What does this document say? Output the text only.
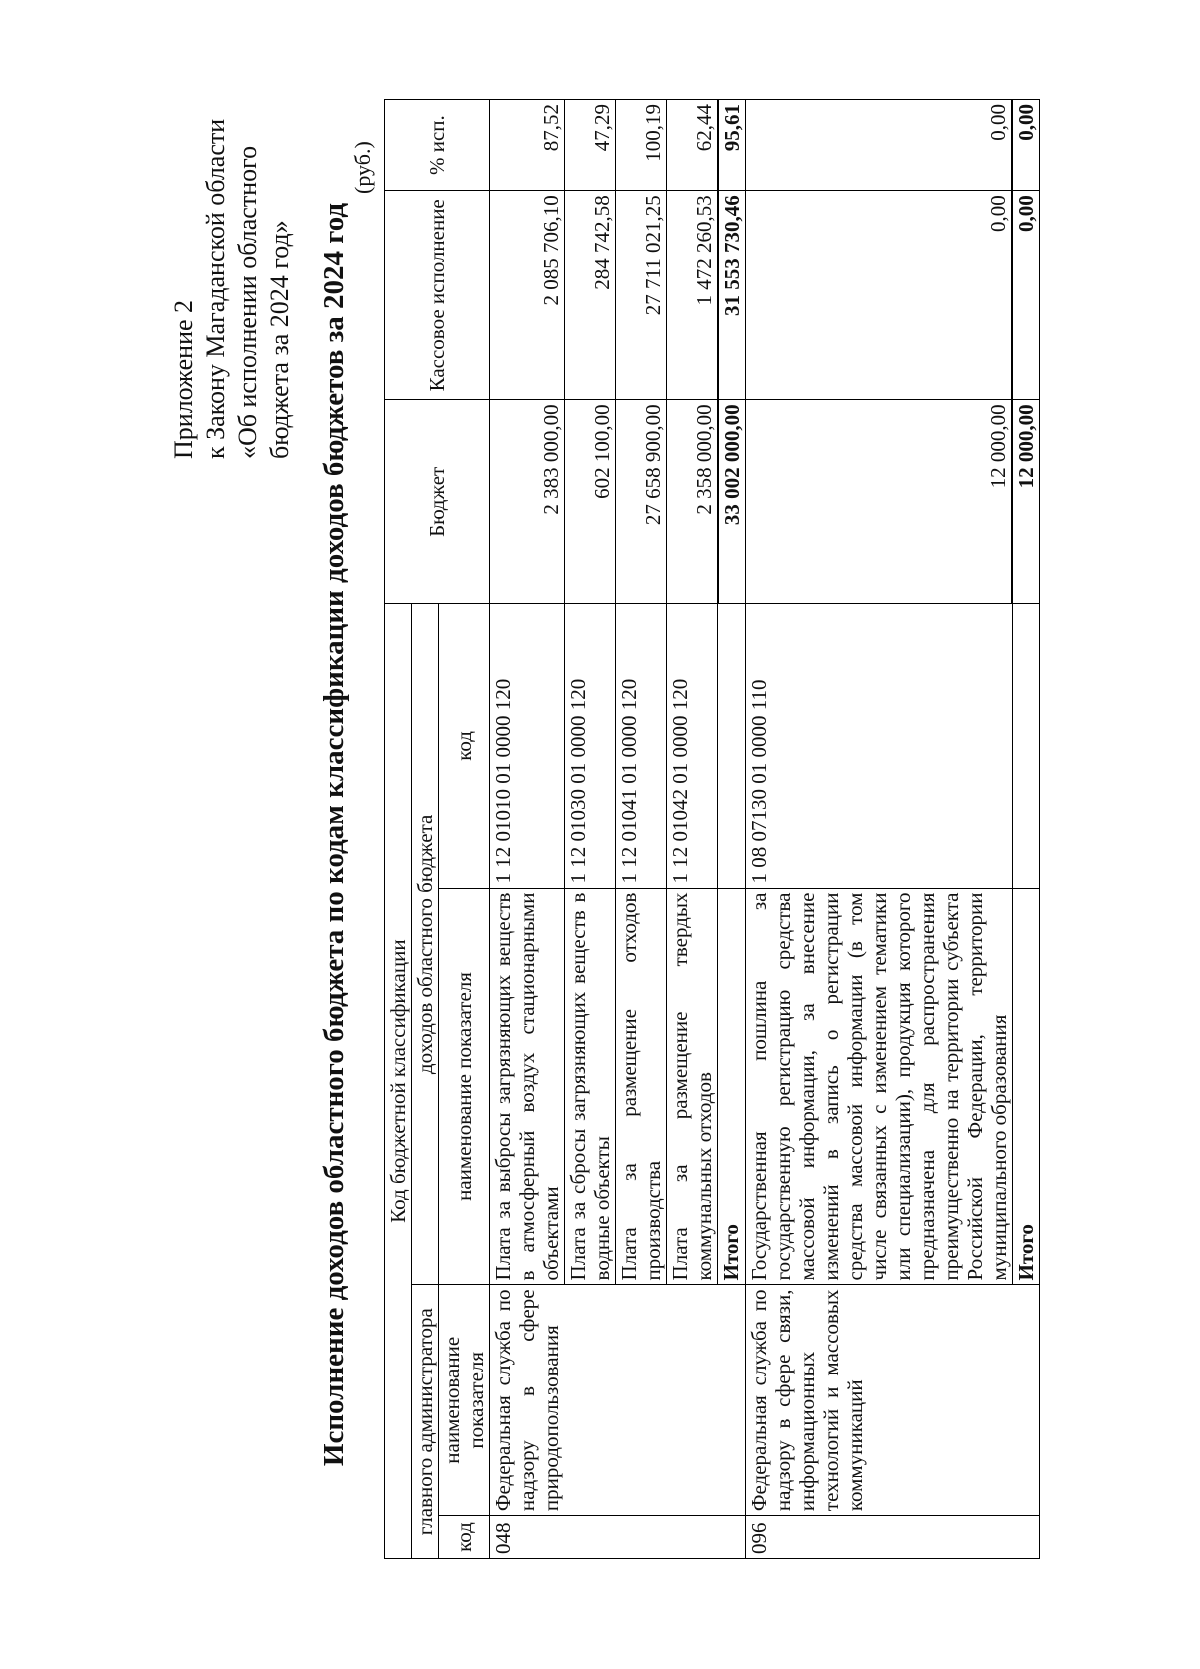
Приложение 2 к Закону Магаданской области «Об исполнении областного бюджета за 2024 год» Исполнение доходов областного бюджета по кодам классификации доходов бюджетов за 2024 год
(руб.)
Код бюджетной классификации				Бюджет	Кассовое исполнение	% исп.
главного администратора		доходов областного бюджета				
код	наименование показателя	наименование показателя	код			
048	Федеральная служба по надзору в сфере природопользования	Плата за выбросы загрязняющих веществ в атмосферный воздух стационарными объектами	1 12 01010 01 0000 120	2 383 000,00	2 085 706,10	87,52
		Плата за сбросы загрязняющих веществ в водные объекты	1 12 01030 01 0000 120	602 100,00	284 742,58	47,29
		Плата за размещение отходов производства	1 12 01041 01 0000 120	27 658 900,00	27 711 021,25	100,19
		Плата за размещение твердых коммунальных отходов	1 12 01042 01 0000 120	2 358 000,00	1 472 260,53	62,44
		Итого		33 002 000,00	31 553 730,46	95,61
096	Федеральная служба по надзору в сфере связи, информационных технологий и массовых коммуникаций	Государственная пошлина за государственную регистрацию средства массовой информации, за внесение изменений в запись о регистрации средства массовой информации (в том числе связанных с изменением тематики или специализации), продукция которого предназначена для распространения преимущественно на территории субъекта Российской Федерации, территории муниципального образования	1 08 07130 01 0000 110	12 000,00	0,00	0,00
		Итого		12 000,00	0,00	0,00
